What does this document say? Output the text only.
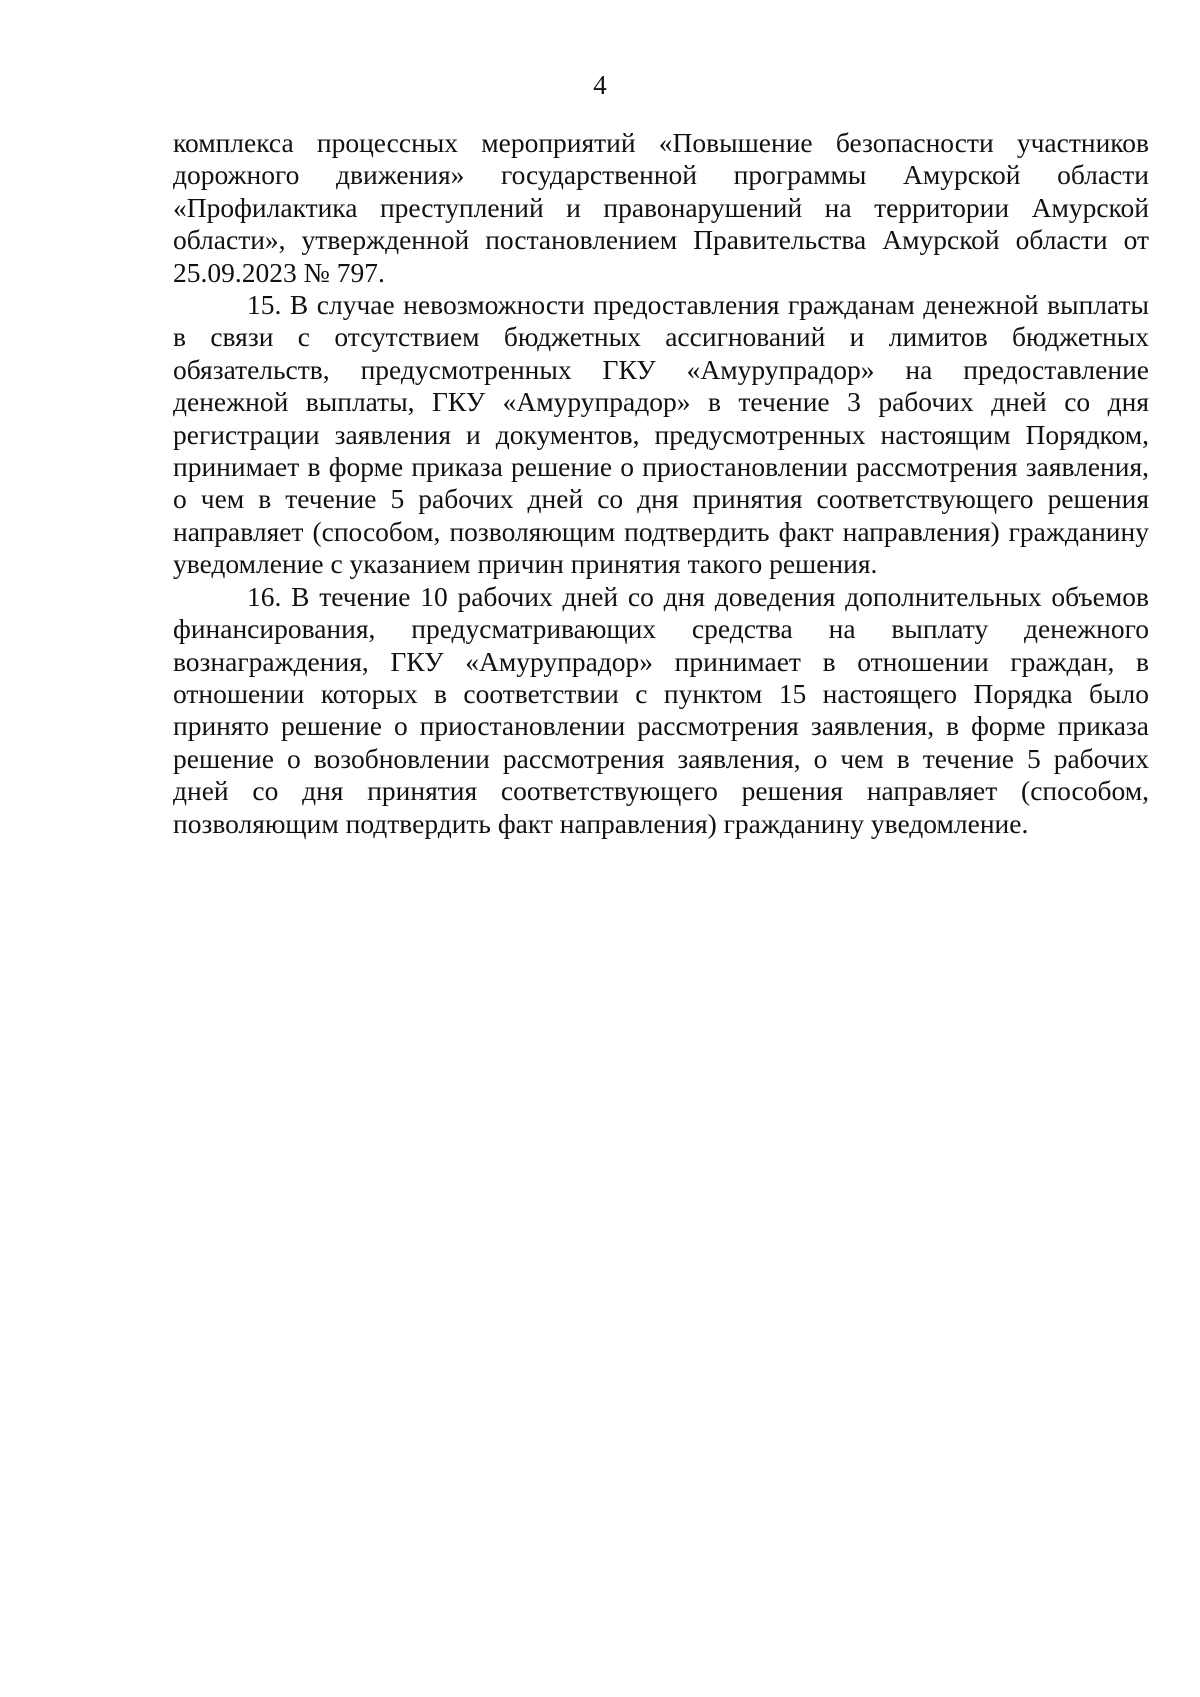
4

комплекса процессных мероприятий «Повышение безопасности участников дорожного движения» государственной программы Амурской области «Профилактика преступлений и правонарушений на территории Амурской области», утвержденной постановлением Правительства Амурской области от 25.09.2023 № 797.

15. В случае невозможности предоставления гражданам денежной выплаты в связи с отсутствием бюджетных ассигнований и лимитов бюджетных обязательств, предусмотренных ГКУ «Амурупрадор» на предоставление денежной выплаты, ГКУ «Амурупрадор» в течение 3 рабочих дней со дня регистрации заявления и документов, предусмотренных настоящим Порядком, принимает в форме приказа решение о приостановлении рассмотрения заявления, о чем в течение 5 рабочих дней со дня принятия соответствующего решения направляет (способом, позволяющим подтвердить факт направления) гражданину уведомление с указанием причин принятия такого решения.

16. В течение 10 рабочих дней со дня доведения дополнительных объемов финансирования, предусматривающих средства на выплату денежного вознаграждения, ГКУ «Амурупрадор» принимает в отношении граждан, в отношении которых в соответствии с пунктом 15 настоящего Порядка было принято решение о приостановлении рассмотрения заявления, в форме приказа решение о возобновлении рассмотрения заявления, о чем в течение 5 рабочих дней со дня принятия соответствующего решения направляет (способом, позволяющим подтвердить факт направления) гражданину уведомление.
